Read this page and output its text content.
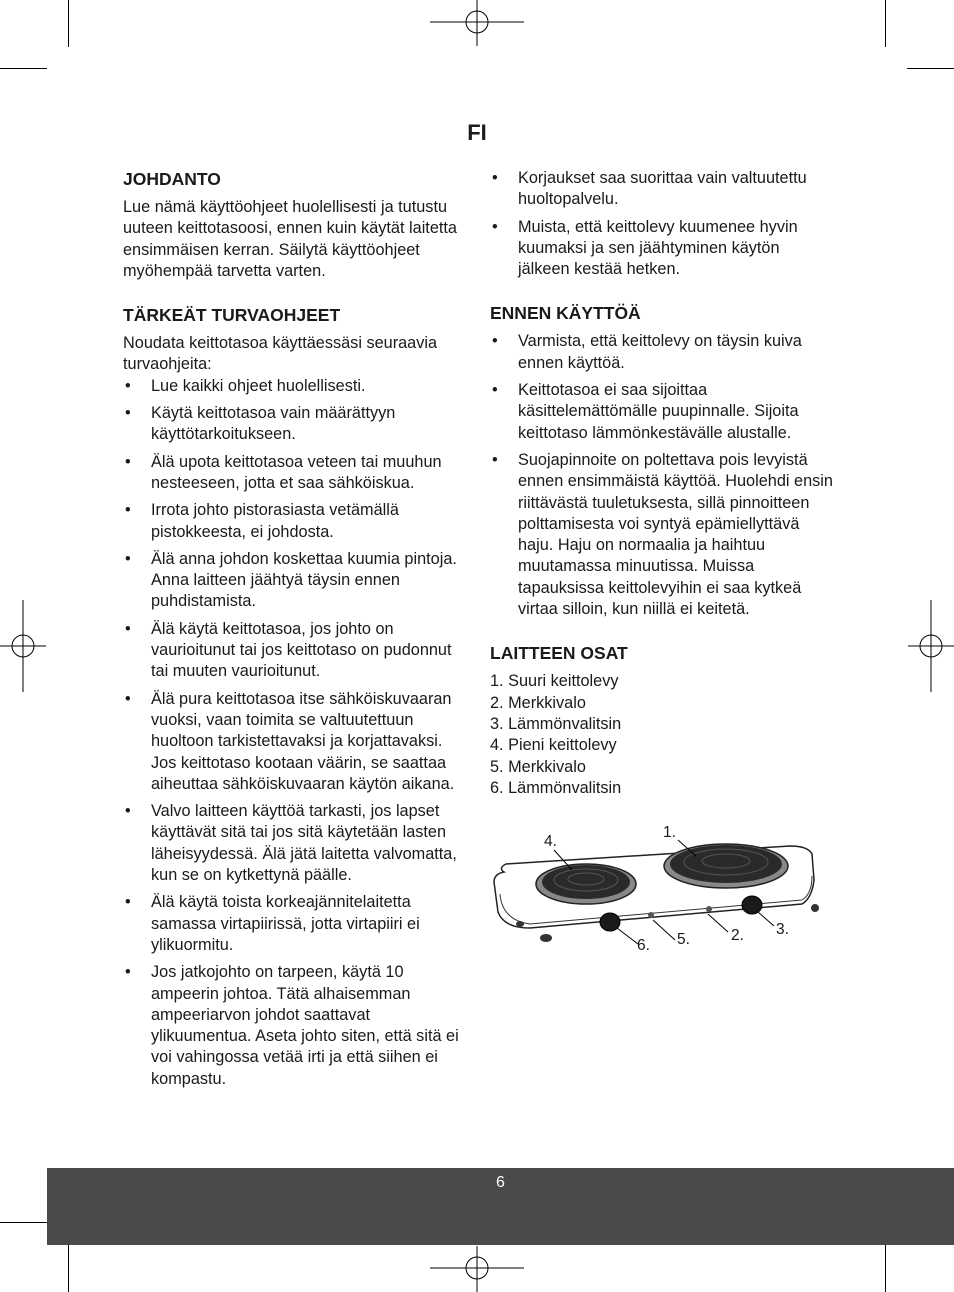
FI
JOHDANTO

Lue nämä käyttöohjeet huolellisesti ja tutustu uuteen keittotasoosi, ennen kuin käytät laitetta ensimmäisen kerran. Säilytä käyttöohjeet myöhempää tarvetta varten.

TÄRKEÄT TURVAOHJEET

Noudata keittotasoa käyttäessäsi seuraavia turvaohjeita:

• Lue kaikki ohjeet huolellisesti.
• Käytä keittotasoa vain määrättyyn käyttötarkoitukseen.
• Älä upota keittotasoa veteen tai muuhun nesteeseen, jotta et saa sähköiskua.
• Irrota johto pistorasiasta vetämällä pistokkeesta, ei johdosta.
• Älä anna johdon koskettaa kuumia pintoja. Anna laitteen jäähtyä täysin ennen puhdistamista.
• Älä käytä keittotasoa, jos johto on vaurioitunut tai jos keittotaso on pudonnut tai muuten vaurioitunut.
• Älä pura keittotasoa itse sähköiskuvaaran vuoksi, vaan toimita se valtuutettuun huoltoon tarkistettavaksi ja korjattavaksi. Jos keittotaso kootaan väärin, se saattaa aiheuttaa sähköiskuvaaran käytön aikana.
• Valvo laitteen käyttöä tarkasti, jos lapset käyttävät sitä tai jos sitä käytetään lasten läheisyydessä. Älä jätä laitetta valvomatta, kun se on kytkettynä päälle.
• Älä käytä toista korkeajännitelaitetta samassa virtapiirissä, jotta virtapiiri ei ylikuormitu.
• Jos jatkojohto on tarpeen, käytä 10 ampeerin johtoa. Tätä alhaisemman ampeeriarvon johdot saattavat ylikuumentua. Aseta johto siten, että sitä ei voi vahingossa vetää irti ja että siihen ei kompastu.
• Korjaukset saa suorittaa vain valtuutettu huoltopalvelu.
• Muista, että keittolevy kuumenee hyvin kuumaksi ja sen jäähtyminen käytön jälkeen kestää hetken.
ENNEN KÄYTTÖÄ
• Varmista, että keittolevy on täysin kuiva ennen käyttöä.
• Keittotasoa ei saa sijoittaa käsittelemättömälle puupinnalle. Sijoita keittotaso lämmönkestävälle alustalle.
• Suojapinnoite on poltettava pois levyistä ennen ensimmäistä käyttöä. Huolehdi ensin riittävästä tuuletuksesta, sillä pinnoitteen polttamisesta voi syntyä epämiellyttävä haju. Haju on normaalia ja haihtuu muutamassa minuutissa. Muissa tapauksissa keittolevyihin ei saa kytkeä virtaa silloin, kun niillä ei keitetä.
LAITTEEN OSAT
1. Suuri keittolevy
2. Merkkivalo
3. Lämmönvalitsin
4. Pieni keittolevy
5. Merkkivalo
6. Lämmönvalitsin
1.
2. 3.
4.
5.
6.
6
